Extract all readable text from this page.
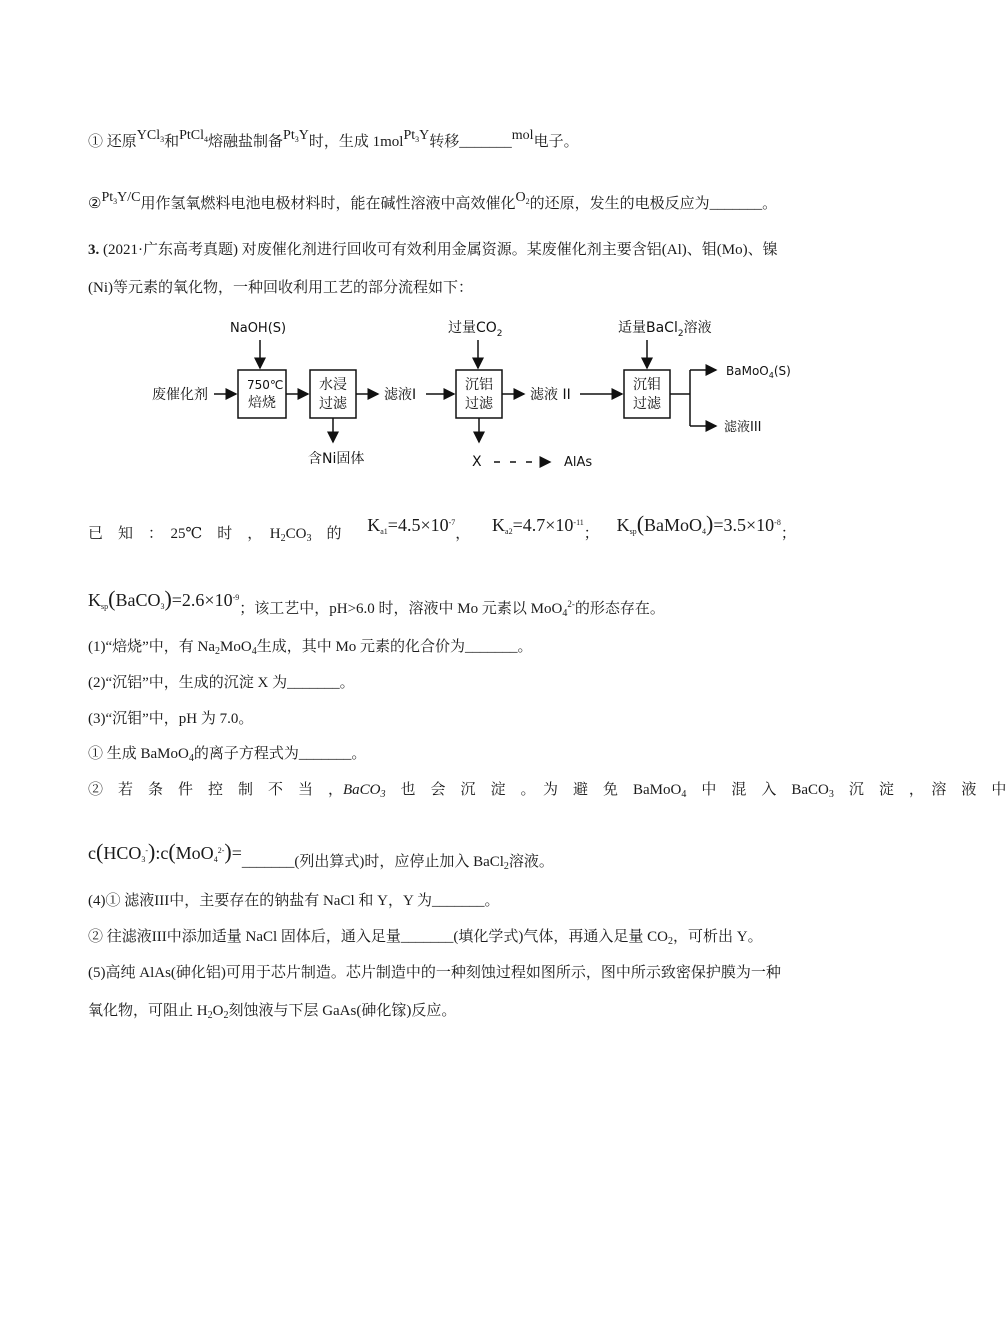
① 还原YCl$_3$和PtCl$_4$熔融盐制备$Pt_3Y$时，生成 1molPt$_3$Y转移_______mol电子。
$②Pt_3Y/C$用作氢氧燃料电池电极材料时，能在碱性溶液中高效催化$O_2$的还原，发生的电极反应为_______。
3. (2021·广东高考真题) 对废催化剂进行回收可有效利用金属资源。某废催化剂主要含铝(Al)、钼(Mo)、镍
(Ni)等元素的氧化物，一种回收利用工艺的部分流程如下：
NaOH(S)
废催化剂
750℃
焙烧
水浸
过滤
滤液I
含Ni固体
过量$CO_2$
沉铝
过滤
X	AlAs
滤液 II
适量BaCl$_2$溶液
沉钼
过滤
BaMoO$_4$(S)
滤液III
已　知　：　25℃　时　，　$H_2CO_3$　的 $K_{a1}=4.5\times 10^{-7}$， $K_{a2}=4.7\times 10^{-11}$； $K_{sp}(BaMoO_4)=3.5\times 10^{-8}$；
$K_{sp}(BaCO_3)=2.6\times 10^{-9}$；该工艺中，pH>6.0 时，溶液中 Mo 元素以 MoO$_4^{2-}$的形态存在。
(1)“焙烧”中，有 $Na_2MoO_4$生成，其中 Mo 元素的化合价为_______。
(2)“沉铝”中，生成的沉淀 X 为_______。
(3)“沉钼”中，pH 为 7.0。
① 生成 BaMoO$_4$的离子方程式为_______。
②　若　条　件　控　制　不　当　，BaCO$_3$　也　会　沉　淀　。　为　避　免　BaMoO$_4$　中　混　入　BaCO$_3$　沉　淀　，　溶　液　中
$c(HCO_3^-):c(MoO_4^{2-})=\_\_\_\_\_\_\_$(列出算式)时，应停止加入 BaCl$_2$溶液。
(4)① 滤液III中，主要存在的钠盐有 NaCl 和 Y，Y 为_______。
② 往滤液III中添加适量 NaCl 固体后，通入足量_______(填化学式)气体，再通入足量 $CO_2$，可析出 Y。
(5)高纯 AlAs(砷化铝)可用于芯片制造。芯片制造中的一种刻蚀过程如图所示，图中所示致密保护膜为一种
氧化物，可阻止 $H_2O_2$刻蚀液与下层 GaAs(砷化镓)反应。
